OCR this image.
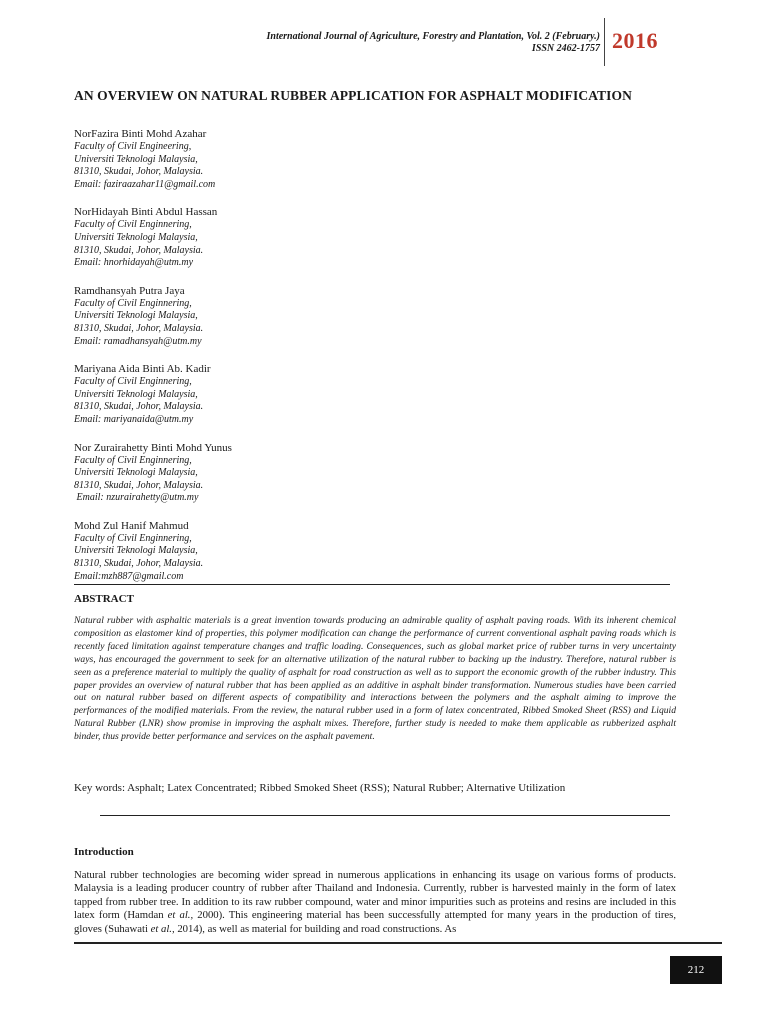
International Journal of Agriculture, Forestry and Plantation, Vol. 2 (February.)
ISSN 2462-1757 2016
AN OVERVIEW ON NATURAL RUBBER APPLICATION FOR ASPHALT MODIFICATION
NorFazira Binti Mohd Azahar
Faculty of Civil Engineering,
Universiti Teknologi Malaysia,
81310, Skudai, Johor, Malaysia.
Email: faziraazahar11@gmail.com
NorHidayah Binti Abdul Hassan
Faculty of Civil Enginnering,
Universiti Teknologi Malaysia,
81310, Skudai, Johor, Malaysia.
Email: hnorhidayah@utm.my
Ramdhansyah Putra Jaya
Faculty of Civil Enginnering,
Universiti Teknologi Malaysia,
81310, Skudai, Johor, Malaysia.
Email: ramadhansyah@utm.my
Mariyana Aida Binti Ab. Kadir
Faculty of Civil Enginnering,
Universiti Teknologi Malaysia,
81310, Skudai, Johor, Malaysia.
Email: mariyanaida@utm.my
Nor Zurairahetty Binti Mohd Yunus
Faculty of Civil Enginnering,
Universiti Teknologi Malaysia,
81310, Skudai, Johor, Malaysia.
Email: nzurairahetty@utm.my
Mohd Zul Hanif Mahmud
Faculty of Civil Enginnering,
Universiti Teknologi Malaysia,
81310, Skudai, Johor, Malaysia.
Email:mzh887@gmail.com
ABSTRACT
Natural rubber with asphaltic materials is a great invention towards producing an admirable quality of asphalt paving roads. With its inherent chemical composition as elastomer kind of properties, this polymer modification can change the performance of current conventional asphalt paving roads which is recently faced limitation against temperature changes and traffic loading. Consequences, such as global market price of rubber turns in very uncertainty ways, has encouraged the government to seek for an alternative utilization of the natural rubber to backing up the industry. Therefore, natural rubber is seen as a preference material to multiply the quality of asphalt for road construction as well as to support the economic growth of the rubber industry. This paper provides an overview of natural rubber that has been applied as an additive in asphalt binder transformation. Numerous studies have been carried out on natural rubber based on different aspects of compatibility and interactions between the polymers and the asphalt aiming to improve the performances of the modified materials. From the review, the natural rubber used in a form of latex concentrated, Ribbed Smoked Sheet (RSS) and Liquid Natural Rubber (LNR) show promise in improving the asphalt mixes. Therefore, further study is needed to make them applicable as rubberized asphalt binder, thus provide better performance and services on the asphalt pavement.
Key words: Asphalt; Latex Concentrated; Ribbed Smoked Sheet (RSS); Natural Rubber; Alternative Utilization
Introduction
Natural rubber technologies are becoming wider spread in numerous applications in enhancing its usage on various forms of products. Malaysia is a leading producer country of rubber after Thailand and Indonesia. Currently, rubber is harvested mainly in the form of latex tapped from rubber tree. In addition to its raw rubber compound, water and minor impurities such as proteins and resins are included in this latex form (Hamdan et al., 2000). This engineering material has been successfully attempted for many years in the production of tires, gloves (Suhawati et al., 2014), as well as material for building and road constructions. As
212
